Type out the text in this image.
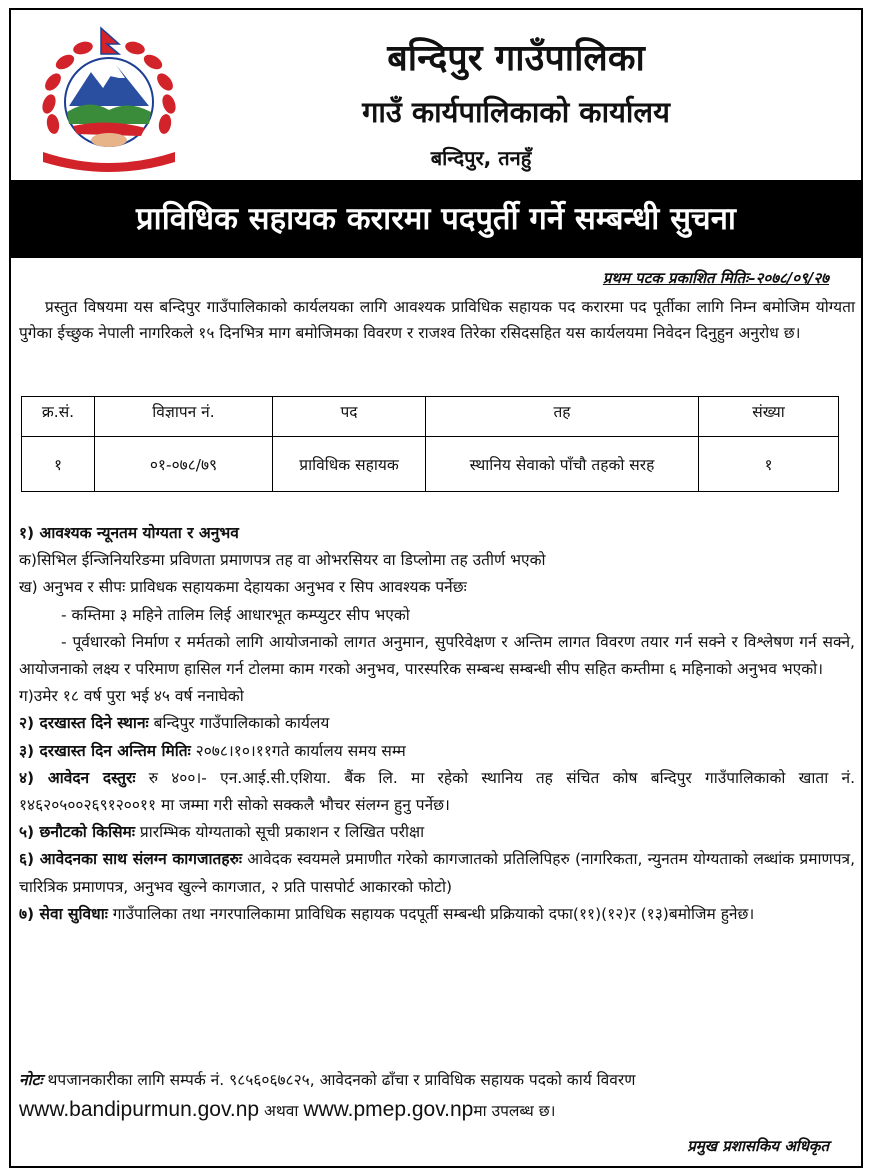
बन्दिपुर गाउँपालिका
गाउँ कार्यपालिकाको कार्यालय
बन्दिपुर, तनहुँ
प्राविधिक सहायक करारमा पदपुर्ती गर्ने सम्बन्धी सुचना
प्रथम पटक प्रकाशित मितिः–२०७८/०९/२७
प्रस्तुत विषयमा यस बन्दिपुर गाउँपालिकाको कार्यलयका लागि आवश्यक प्राविधिक सहायक पद करारमा पद पूर्तीका लागि निम्न बमोजिम योग्यता पुगेका ईच्छुक नेपाली नागरिकले १५ दिनभित्र माग बमोजिमका विवरण र राजश्व तिरेका रसिदसहित यस कार्यलयमा निवेदन दिनुहुन अनुरोध छ।
क्र.सं.	विज्ञापन नं.	पद	तह	संख्या
१	०१-०७८/७९	प्राविधिक सहायक	स्थानिय सेवाको पाँचौ तहको सरह	१
१) आवश्यक न्यूनतम योग्यता र अनुभव
क)सिभिल ईन्जिनियरिङमा प्रविणता प्रमाणपत्र तह वा ओभरसियर वा डिप्लोमा तह उतीर्ण भएको
ख) अनुभव र सीपः प्राविधक सहायकमा देहायका अनुभव र सिप आवश्यक पर्नेछः
- कम्तिमा ३ महिने तालिम लिई आधारभूत कम्प्युटर सीप भएको
- पूर्वधारको निर्माण र मर्मतको लागि आयोजनाको लागत अनुमान, सुपरिवेक्षण र अन्तिम लागत विवरण तयार गर्न सक्ने र विश्लेषण गर्न सक्ने, आयोजनाको लक्ष्य र परिमाण हासिल गर्न टोलमा काम गरको अनुभव, पारस्परिक सम्बन्ध सम्बन्धी सीप सहित कम्तीमा ६ महिनाको अनुभव भएको।
ग)उमेर १८ वर्ष पुरा भई ४५ वर्ष ननाघेको
२) दरखास्त दिने स्थानः बन्दिपुर गाउँपालिकाको कार्यलय
३) दरखास्त दिन अन्तिम मितिः २०७८।१०।११गते कार्यालय समय सम्म
४) आवेदन दस्तुरः रु ४००।- एन.आई.सी.एशिया. बैंक लि. मा रहेको स्थानिय तह संचित कोष बन्दिपुर गाउँपालिकाको खाता नं. १४६२०५००२६९१२००११ मा जम्मा गरी सोको सक्कलै भौचर संलग्न हुनु पर्नेछ।
५) छनौटको किसिमः प्रारम्भिक योग्यताको सूची प्रकाशन र लिखित परीक्षा
६) आवेदनका साथ संलग्न कागजातहरुः आवेदक स्वयमले प्रमाणीत गरेको कागजातको प्रतिलिपिहरु (नागरिकता, न्युनतम योग्यताको लब्धांक प्रमाणपत्र, चारित्रिक प्रमाणपत्र, अनुभव खुल्ने कागजात, २ प्रति पासपोर्ट आकारको फोटो)
७) सेवा सुविधाः गाउँपालिका तथा नगरपालिकामा प्राविधिक सहायक पदपूर्ती सम्बन्धी प्रक्रियाको दफा(११)(१२)र (१३)बमोजिम हुनेछ।
नोटः थपजानकारीका लागि सम्पर्क नं. ९८५६०६७८२५, आवेदनको ढाँचा र प्राविधिक सहायक पदको कार्य विवरण
www.bandipurmun.gov.np अथवा www.pmep.gov.npमा उपलब्ध छ।
प्रमुख प्रशासकिय अधिकृत
